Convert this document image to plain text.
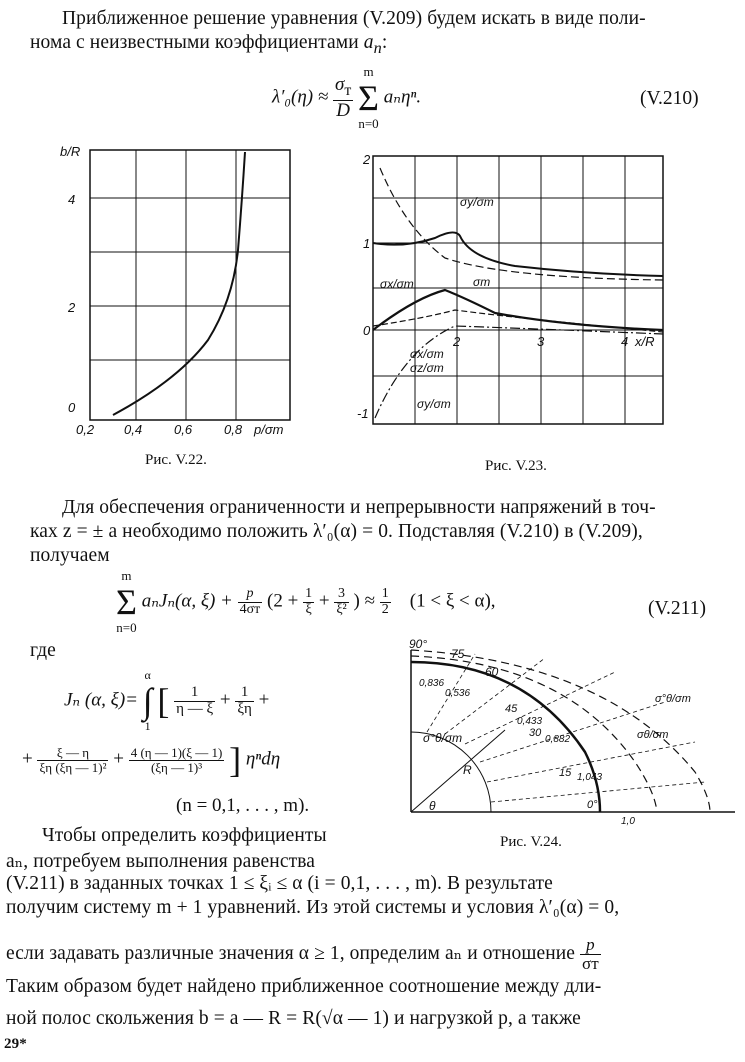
Приближенное решение уравнения (V.209) будем искать в виде поли-
нома с неизвестными коэффициентами $a_n$:
$\lambda'_0(\eta) \approx \frac{\sigma_т}{D}$

m
Σ
n=0
aₙηⁿ.	(V.210)
b/R
4
2
0
0,2 0,4 0,6 0,8 p/σт
Рис. V.22.
2
1
0
-1
2	3	4 x/R
σy/σт
σx/σт	σт
σx/σт
σz/σт
σy/σт
Рис. V.23.
Для обеспечения ограниченности и непрерывности напряжений в точ-
ках z = ± a необходимо положить λ′₀(α) = 0. Подставляя (V.210) в (V.209),
получаем
m
Σ
n=0
aₙJₙ(α, $\xi) + \frac{p}{4\sigma т} (2 + \frac{1}{\xi} + \frac{3}{\text{ξ²}}$ ) ≈ $\frac{1}{2} (1 < \xi < \alpha)$,	(V.211)
где
Jₙ (α, ξ)=
α
∫
1
[ $\frac{1}{\eta — \xi} + \frac{1}{\xi\eta}$ +
+ $\frac{\xi — \eta}{\text{ξη (ξη — 1)²}} + \frac{4 (\eta — 1)(\xi — 1)}{\text{(ξη — 1)³}}$ ] ηⁿdη
(n = 0,1, . . . , m).
90°
75
60
45
30
15
0°
0,836
0,536
0,433
0,882
1,043
1,0
σ°θ/σт
σθ/σт
σ°θ/σт
R
θ
Рис. V.24.
Чтобы определить коэффициенты
aₙ, потребуем выполнения равенства
(V.211) в заданных точках 1 ≤ ξᵢ ≤ α (i = 0,1, . . . , m). В результате
получим систему m + 1 уравнений. Из этой системы и условия λ′₀(α) = 0,
если задавать различные значения α ≥ 1, определим aₙ и отношение $\frac{p}{\sigma т}$
Таким образом будет найдено приближенное соотношение между дли-
ной полос скольжения b = a — R = R(√α — 1) и нагрузкой p, а также
29*
